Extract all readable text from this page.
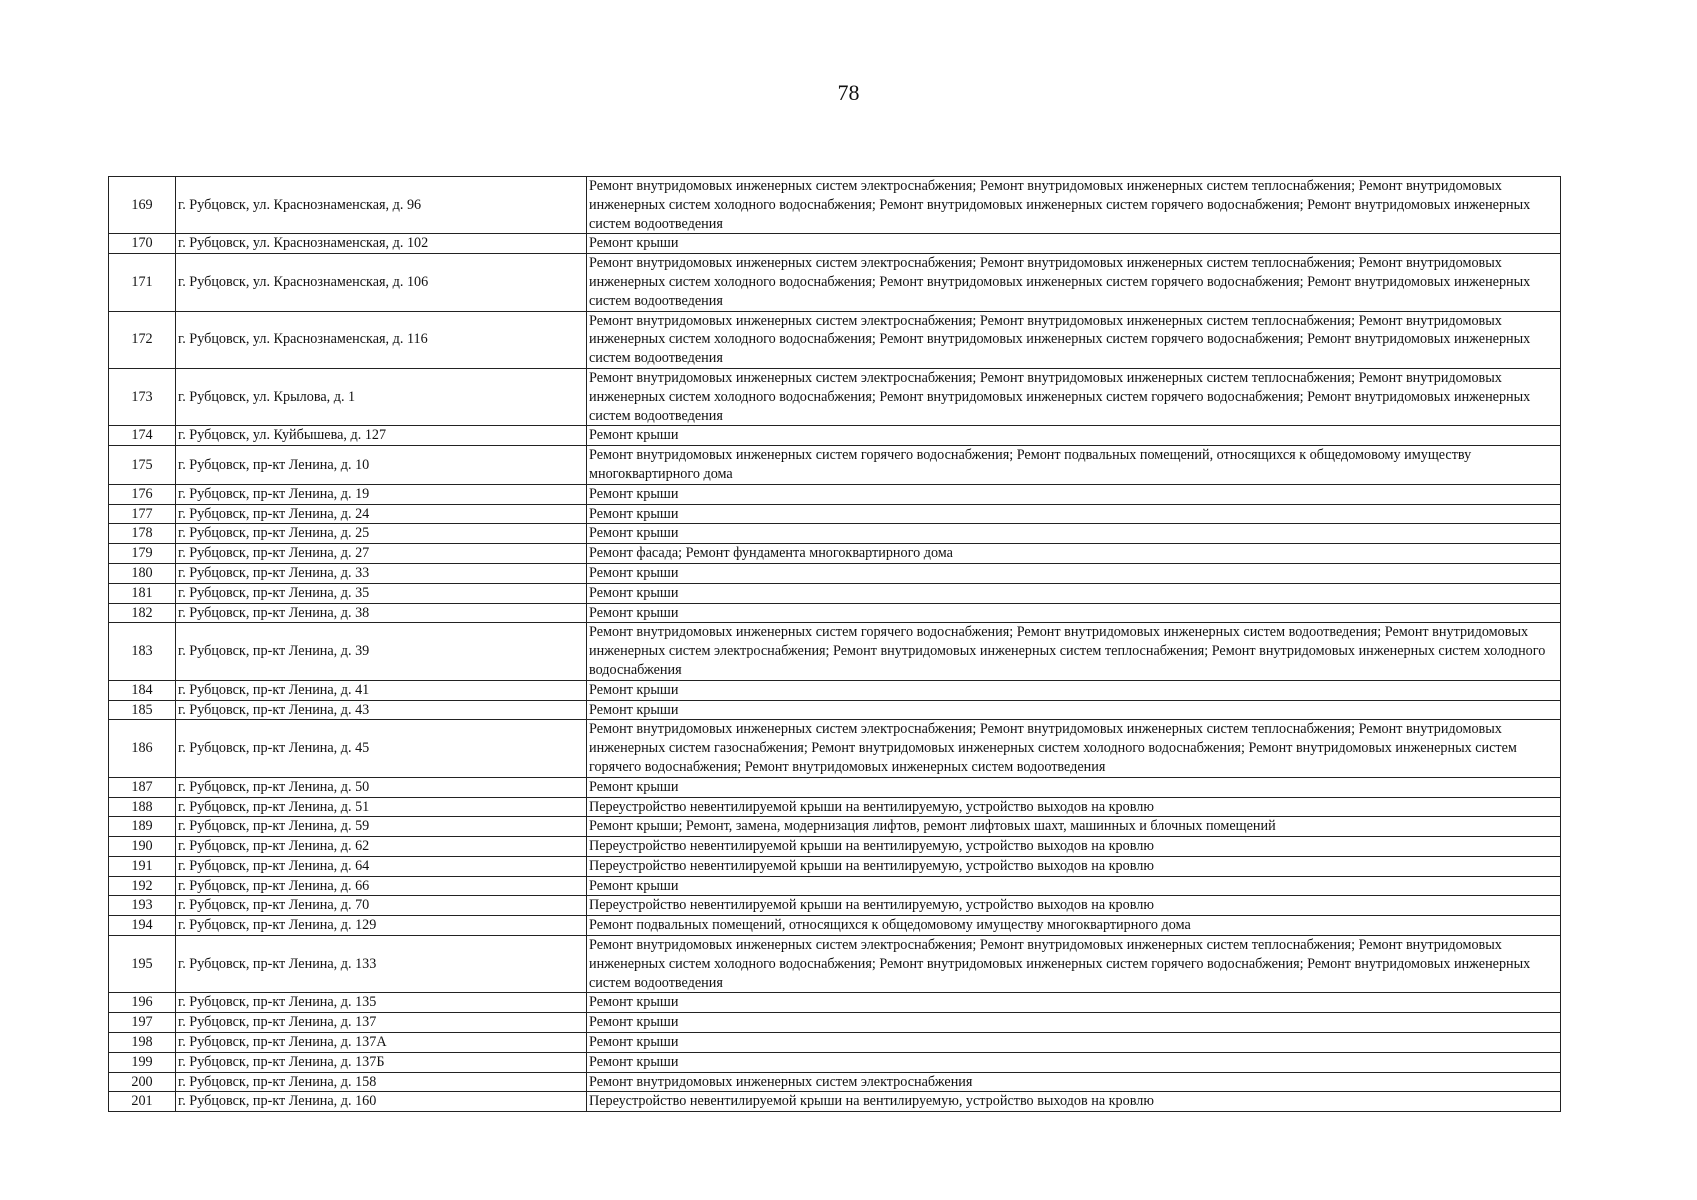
78
169	г. Рубцовск, ул. Краснознаменская, д. 96	Ремонт внутридомовых инженерных систем электроснабжения; Ремонт внутридомовых инженерных систем теплоснабжения; Ремонт внутридомовых инженерных систем холодного водоснабжения; Ремонт внутридомовых инженерных систем горячего водоснабжения; Ремонт внутридомовых инженерных систем водоотведения
170	г. Рубцовск, ул. Краснознаменская, д. 102	Ремонт крыши
171	г. Рубцовск, ул. Краснознаменская, д. 106	Ремонт внутридомовых инженерных систем электроснабжения; Ремонт внутридомовых инженерных систем теплоснабжения; Ремонт внутридомовых инженерных систем холодного водоснабжения; Ремонт внутридомовых инженерных систем горячего водоснабжения; Ремонт внутридомовых инженерных систем водоотведения
172	г. Рубцовск, ул. Краснознаменская, д. 116	Ремонт внутридомовых инженерных систем электроснабжения; Ремонт внутридомовых инженерных систем теплоснабжения; Ремонт внутридомовых инженерных систем холодного водоснабжения; Ремонт внутридомовых инженерных систем горячего водоснабжения; Ремонт внутридомовых инженерных систем водоотведения
173	г. Рубцовск, ул. Крылова, д. 1	Ремонт внутридомовых инженерных систем электроснабжения; Ремонт внутридомовых инженерных систем теплоснабжения; Ремонт внутридомовых инженерных систем холодного водоснабжения; Ремонт внутридомовых инженерных систем горячего водоснабжения; Ремонт внутридомовых инженерных систем водоотведения
174	г. Рубцовск, ул. Куйбышева, д. 127	Ремонт крыши
175	г. Рубцовск, пр-кт Ленина, д. 10	Ремонт внутридомовых инженерных систем горячего водоснабжения; Ремонт подвальных помещений, относящихся к общедомовому имуществу многоквартирного дома
176	г. Рубцовск, пр-кт Ленина, д. 19	Ремонт крыши
177	г. Рубцовск, пр-кт Ленина, д. 24	Ремонт крыши
178	г. Рубцовск, пр-кт Ленина, д. 25	Ремонт крыши
179	г. Рубцовск, пр-кт Ленина, д. 27	Ремонт фасада; Ремонт фундамента многоквартирного дома
180	г. Рубцовск, пр-кт Ленина, д. 33	Ремонт крыши
181	г. Рубцовск, пр-кт Ленина, д. 35	Ремонт крыши
182	г. Рубцовск, пр-кт Ленина, д. 38	Ремонт крыши
183	г. Рубцовск, пр-кт Ленина, д. 39	Ремонт внутридомовых инженерных систем горячего водоснабжения; Ремонт внутридомовых инженерных систем водоотведения; Ремонт внутридомовых инженерных систем электроснабжения; Ремонт внутридомовых инженерных систем теплоснабжения; Ремонт внутридомовых инженерных систем холодного водоснабжения
184	г. Рубцовск, пр-кт Ленина, д. 41	Ремонт крыши
185	г. Рубцовск, пр-кт Ленина, д. 43	Ремонт крыши
186	г. Рубцовск, пр-кт Ленина, д. 45	Ремонт внутридомовых инженерных систем электроснабжения; Ремонт внутридомовых инженерных систем теплоснабжения; Ремонт внутридомовых инженерных систем газоснабжения; Ремонт внутридомовых инженерных систем холодного водоснабжения; Ремонт внутридомовых инженерных систем горячего водоснабжения; Ремонт внутридомовых инженерных систем водоотведения
187	г. Рубцовск, пр-кт Ленина, д. 50	Ремонт крыши
188	г. Рубцовск, пр-кт Ленина, д. 51	Переустройство невентилируемой крыши на вентилируемую, устройство выходов на кровлю
189	г. Рубцовск, пр-кт Ленина, д. 59	Ремонт крыши; Ремонт, замена, модернизация лифтов, ремонт лифтовых шахт, машинных и блочных помещений
190	г. Рубцовск, пр-кт Ленина, д. 62	Переустройство невентилируемой крыши на вентилируемую, устройство выходов на кровлю
191	г. Рубцовск, пр-кт Ленина, д. 64	Переустройство невентилируемой крыши на вентилируемую, устройство выходов на кровлю
192	г. Рубцовск, пр-кт Ленина, д. 66	Ремонт крыши
193	г. Рубцовск, пр-кт Ленина, д. 70	Переустройство невентилируемой крыши на вентилируемую, устройство выходов на кровлю
194	г. Рубцовск, пр-кт Ленина, д. 129	Ремонт подвальных помещений, относящихся к общедомовому имуществу многоквартирного дома
195	г. Рубцовск, пр-кт Ленина, д. 133	Ремонт внутридомовых инженерных систем электроснабжения; Ремонт внутридомовых инженерных систем теплоснабжения; Ремонт внутридомовых инженерных систем холодного водоснабжения; Ремонт внутридомовых инженерных систем горячего водоснабжения; Ремонт внутридомовых инженерных систем водоотведения
196	г. Рубцовск, пр-кт Ленина, д. 135	Ремонт крыши
197	г. Рубцовск, пр-кт Ленина, д. 137	Ремонт крыши
198	г. Рубцовск, пр-кт Ленина, д. 137А	Ремонт крыши
199	г. Рубцовск, пр-кт Ленина, д. 137Б	Ремонт крыши
200	г. Рубцовск, пр-кт Ленина, д. 158	Ремонт внутридомовых инженерных систем электроснабжения
201	г. Рубцовск, пр-кт Ленина, д. 160	Переустройство невентилируемой крыши на вентилируемую, устройство выходов на кровлю
